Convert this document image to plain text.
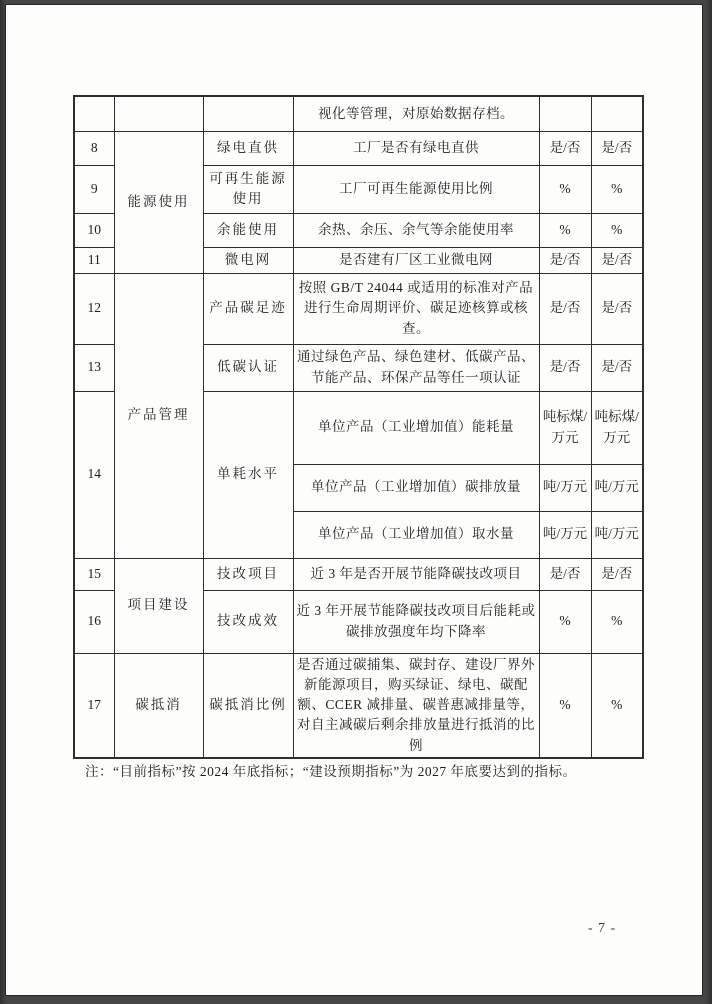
			视化等管理，对原始数据存档。		
8	能源使用	绿电直供	工厂是否有绿电直供	是/否	是/否
9		可再生能源使用	工厂可再生能源使用比例	%	%
10		余能使用	余热、余压、余气等余能使用率	%	%
11		微电网	是否建有厂区工业微电网	是/否	是/否
12	产品管理	产品碳足迹	按照 GB/T 24044 或适用的标准对产品进行生命周期评价、碳足迹核算或核查。	是/否	是/否
13		低碳认证	通过绿色产品、绿色建材、低碳产品、节能产品、环保产品等任一项认证	是/否	是/否
14		单耗水平	单位产品（工业增加值）能耗量	吨标煤/万元	吨标煤/万元
			单位产品（工业增加值）碳排放量	吨/万元	吨/万元
			单位产品（工业增加值）取水量	吨/万元	吨/万元
15	项目建设	技改项目	近 3 年是否开展节能降碳技改项目	是/否	是/否
16		技改成效	近 3 年开展节能降碳技改项目后能耗或碳排放强度年均下降率	%	%
17	碳抵消	碳抵消比例	是否通过碳捕集、碳封存、建设厂界外新能源项目，购买绿证、绿电、碳配额、CCER 减排量、碳普惠减排量等，对自主减碳后剩余排放量进行抵消的比例	%	%
注：“目前指标”按 2024 年底指标；“建设预期指标”为 2027 年底要达到的指标。
- 7 -
